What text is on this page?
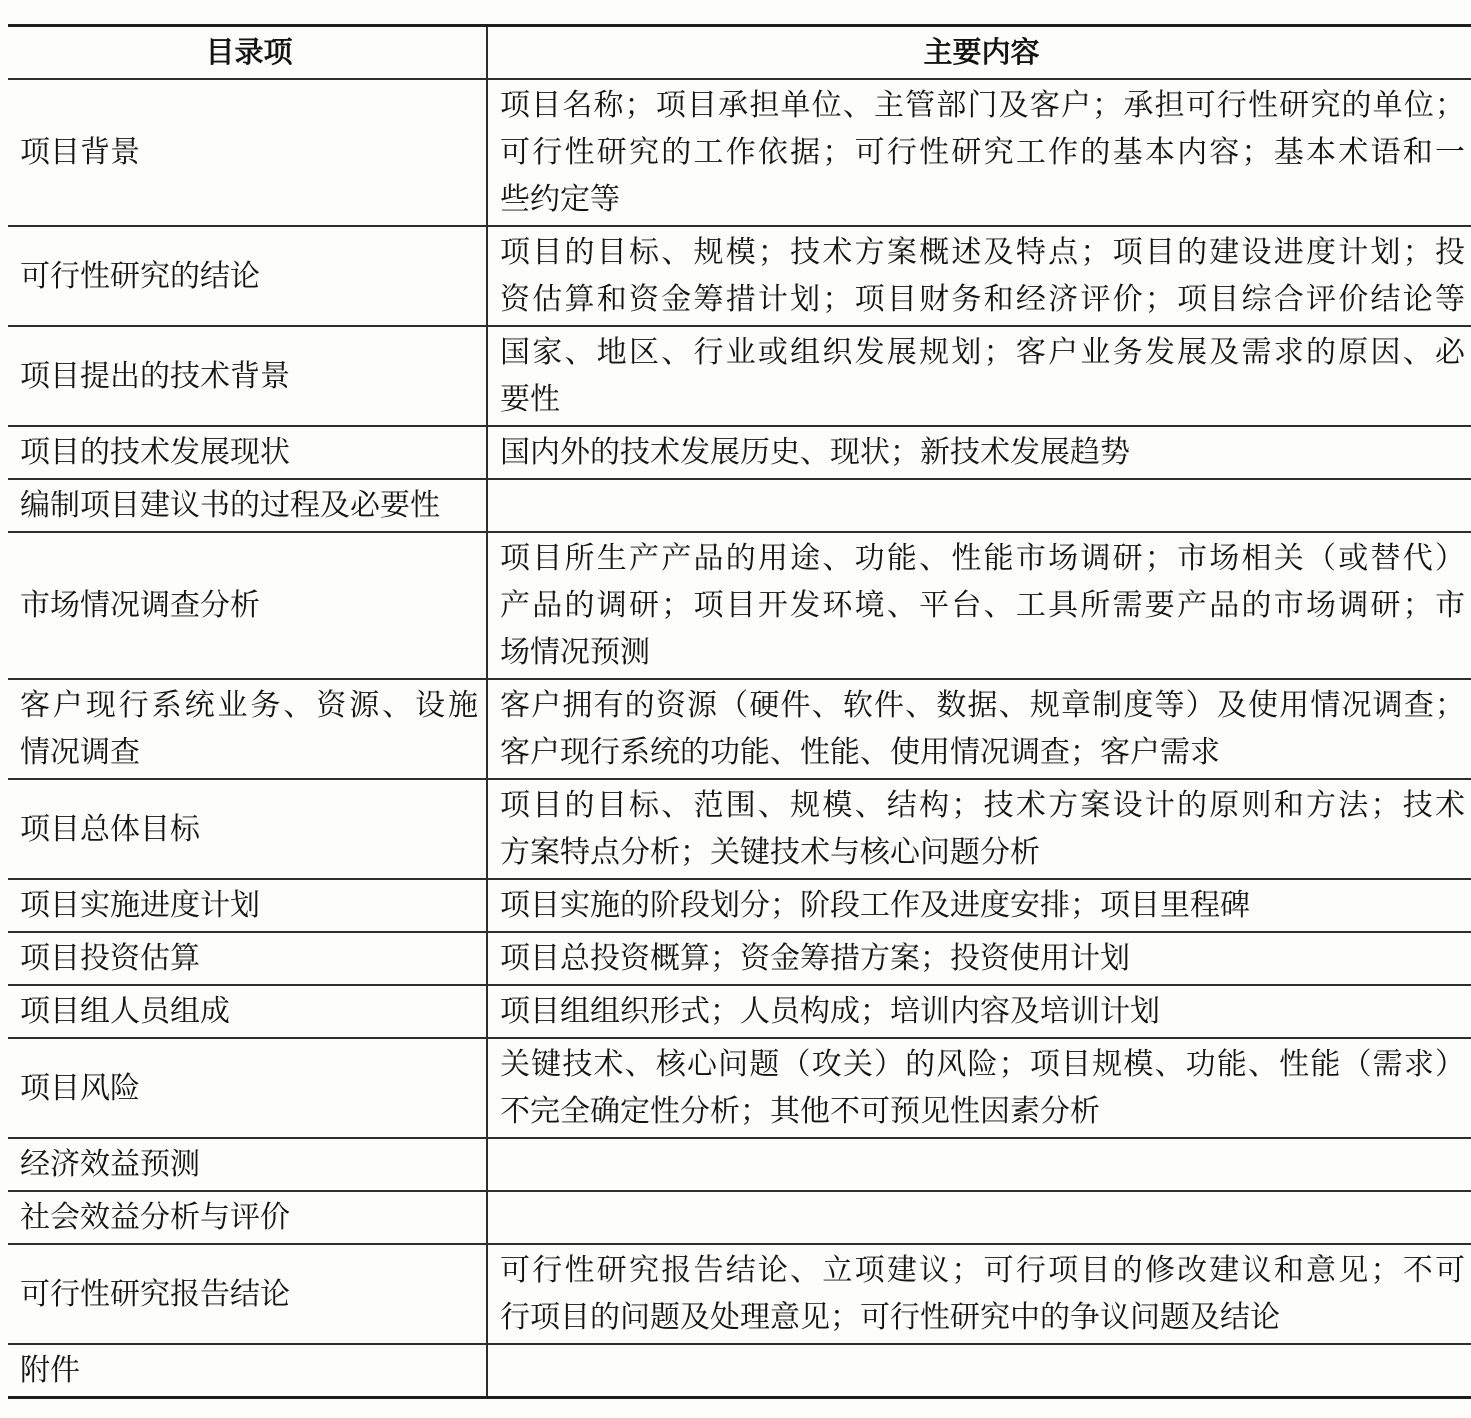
目录项	主要内容

项目背景	项目名称；项目承担单位、主管部门及客户；承担可行性研究的单位；
可行性研究的工作依据；可行性研究工作的基本内容；基本术语和一
些约定等

可行性研究的结论	项目的目标、规模；技术方案概述及特点；项目的建设进度计划；投
资估算和资金筹措计划；项目财务和经济评价；项目综合评价结论等

项目提出的技术背景	国家、地区、行业或组织发展规划；客户业务发展及需求的原因、必
要性

项目的技术发展现状	国内外的技术发展历史、现状；新技术发展趋势

编制项目建议书的过程及必要性	

市场情况调查分析	项目所生产产品的用途、功能、性能市场调研；市场相关（或替代）
产品的调研；项目开发环境、平台、工具所需要产品的市场调研；市
场情况预测

客户现行系统业务、资源、设施
情况调查	客户拥有的资源（硬件、软件、数据、规章制度等）及使用情况调查；
客户现行系统的功能、性能、使用情况调查；客户需求

项目总体目标	项目的目标、范围、规模、结构；技术方案设计的原则和方法；技术
方案特点分析；关键技术与核心问题分析

项目实施进度计划	项目实施的阶段划分；阶段工作及进度安排；项目里程碑

项目投资估算	项目总投资概算；资金筹措方案；投资使用计划

项目组人员组成	项目组组织形式；人员构成；培训内容及培训计划

项目风险	关键技术、核心问题（攻关）的风险；项目规模、功能、性能（需求）
不完全确定性分析；其他不可预见性因素分析

经济效益预测	

社会效益分析与评价	

可行性研究报告结论	可行性研究报告结论、立项建议；可行项目的修改建议和意见；不可
行项目的问题及处理意见；可行性研究中的争议问题及结论

附件	
